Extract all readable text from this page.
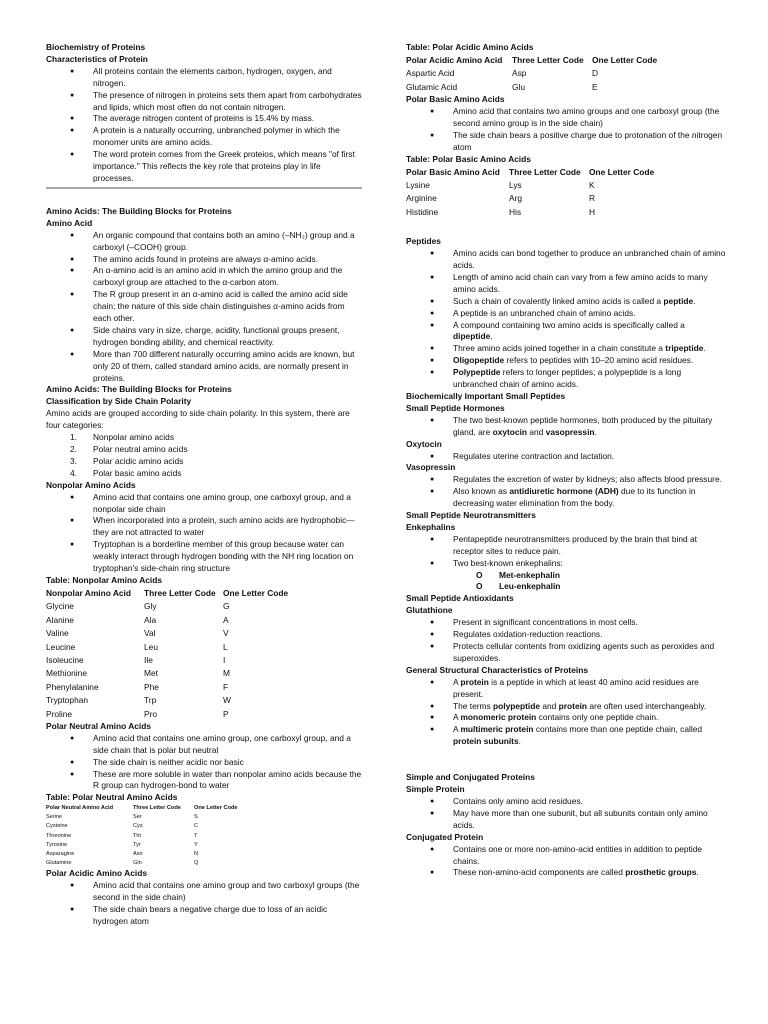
Biochemistry of Proteins
Characteristics of Protein
● All proteins contain the elements carbon, hydrogen, oxygen, and nitrogen.
● The presence of nitrogen in proteins sets them apart from carbohydrates and lipids, which most often do not contain nitrogen.
● The average nitrogen content of proteins is 15.4% by mass.
● A protein is a naturally occurring, unbranched polymer in which the monomer units are amino acids.
● The word protein comes from the Greek proteios, which means "of first importance." This reflects the key role that proteins play in life processes.
Amino Acids: The Building Blocks for Proteins
Amino Acid
● An organic compound that contains both an amino (–NH₂) group and a carboxyl (–COOH) group.
● The amino acids found in proteins are always α-amino acids.
● An α-amino acid is an amino acid in which the amino group and the carboxyl group are attached to the α-carbon atom.
● The R group present in an α-amino acid is called the amino acid side chain; the nature of this side chain distinguishes α-amino acids from each other.
● Side chains vary in size, charge, acidity, functional groups present, hydrogen bonding ability, and chemical reactivity.
● More than 700 different naturally occurring amino acids are known, but only 20 of them, called standard amino acids, are normally present in proteins.
Amino Acids: The Building Blocks for Proteins
Classification by Side Chain Polarity
Amino acids are grouped according to side chain polarity. In this system, there are four categories:
1. Nonpolar amino acids
2. Polar neutral amino acids
3. Polar acidic amino acids
4. Polar basic amino acids
Nonpolar Amino Acids
● Amino acid that contains one amino group, one carboxyl group, and a nonpolar side chain
● When incorporated into a protein, such amino acids are hydrophobic—they are not attracted to water
● Tryptophan is a borderline member of this group because water can weakly interact through hydrogen bonding with the NH ring location on tryptophan's side-chain ring structure
Table: Nonpolar Amino Acids
Nonpolar Amino Acid	Three Letter Code	One Letter Code
Glycine	Gly	G
Alanine	Ala	A
Valine	Val	V
Leucine	Leu	L
Isoleucine	Ile	I
Methionine	Met	M
Phenylalanine	Phe	F
Tryptophan	Trp	W
Proline	Pro	P
Polar Neutral Amino Acids
● Amino acid that contains one amino group, one carboxyl group, and a side chain that is polar but neutral
● The side chain is neither acidic nor basic
● These are more soluble in water than nonpolar amino acids because the R group can hydrogen-bond to water
Table: Polar Neutral Amino Acids
Polar Neutral Amino Acid	Three Letter Code	One Letter Code
Serine	Ser	S
Cysteine	Cys	C
Threonine	Thr	T
Tyrosine	Tyr	Y
Asparagine	Asn	N
Glutamine	Gln	Q
Polar Acidic Amino Acids
● Amino acid that contains one amino group and two carboxyl groups (the second in the side chain)
● The side chain bears a negative charge due to loss of an acidic hydrogen atom
Table: Polar Acidic Amino Acids
Polar Acidic Amino Acid	Three Letter Code	One Letter Code
Aspartic Acid	Asp	D
Glutamic Acid	Glu	E
Polar Basic Amino Acids
● Amino acid that contains two amino groups and one carboxyl group (the second amino group is in the side chain)
● The side chain bears a positive charge due to protonation of the nitrogen atom
Table: Polar Basic Amino Acids
Polar Basic Amino Acid	Three Letter Code	One Letter Code
Lysine	Lys	K
Arginine	Arg	R
Histidine	His	H
Peptides
● Amino acids can bond together to produce an unbranched chain of amino acids.
● Length of amino acid chain can vary from a few amino acids to many amino acids.
● Such a chain of covalently linked amino acids is called a peptide.
● A peptide is an unbranched chain of amino acids.
● A compound containing two amino acids is specifically called a dipeptide.
● Three amino acids joined together in a chain constitute a tripeptide.
● Oligopeptide refers to peptides with 10–20 amino acid residues.
● Polypeptide refers to longer peptides; a polypeptide is a long unbranched chain of amino acids.
Biochemically Important Small Peptides
Small Peptide Hormones
● The two best-known peptide hormones, both produced by the pituitary gland, are oxytocin and vasopressin.
Oxytocin
● Regulates uterine contraction and lactation.
Vasopressin
● Regulates the excretion of water by kidneys; also affects blood pressure.
● Also known as antidiuretic hormone (ADH) due to its function in decreasing water elimination from the body.
Small Peptide Neurotransmitters
Enkephalins
● Pentapeptide neurotransmitters produced by the brain that bind at receptor sites to reduce pain.
● Two best-known enkephalins:
O Met-enkephalin
O Leu-enkephalin
Small Peptide Antioxidants
Glutathione
● Present in significant concentrations in most cells.
● Regulates oxidation-reduction reactions.
● Protects cellular contents from oxidizing agents such as peroxides and superoxides.
General Structural Characteristics of Proteins
● A protein is a peptide in which at least 40 amino acid residues are present.
● The terms polypeptide and protein are often used interchangeably.
● A monomeric protein contains only one peptide chain.
● A multimeric protein contains more than one peptide chain, called protein subunits.
Simple and Conjugated Proteins
Simple Protein
● Contains only amino acid residues.
● May have more than one subunit, but all subunits contain only amino acids.
Conjugated Protein
● Contains one or more non-amino-acid entities in addition to peptide chains.
● These non-amino-acid components are called prosthetic groups.
